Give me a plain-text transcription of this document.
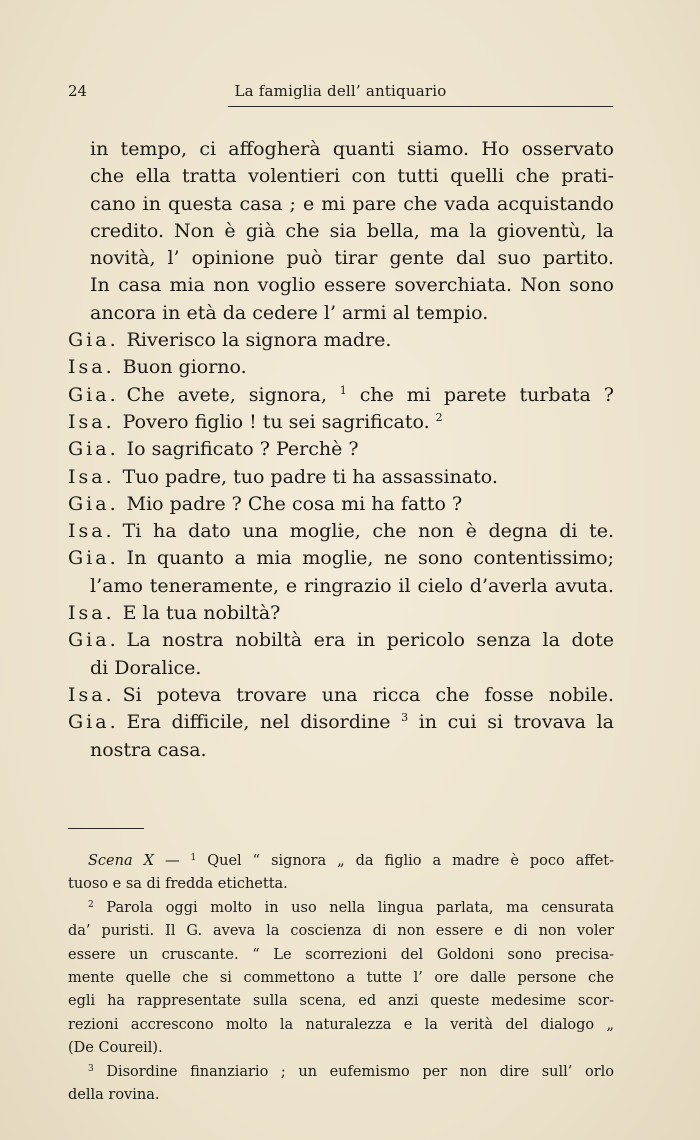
24	La famiglia dell’ antiquario
in tempo, ci affogherà quanti siamo. Ho osservato
che ella tratta volentieri con tutti quelli che prati-
cano in questa casa ; e mi pare che vada acquistando
credito. Non è già che sia bella, ma la gioventù, la
novità, l’ opinione può tirar gente dal suo partito.
In casa mia non voglio essere soverchiata. Non sono
ancora in età da cedere l’ armi al tempio.
Gia. Riverisco la signora madre.
Isa. Buon giorno.
Gia. Che avete, signora, $^1$ che mi parete turbata ?
Isa. Povero figlio ! tu sei sagrificato. $^2$
Gia. Io sagrificato ? Perchè ?
Isa. Tuo padre, tuo padre ti ha assassinato.
Gia. Mio padre ? Che cosa mi ha fatto ?
Isa. Ti ha dato una moglie, che non è degna di te.
Gia. In quanto a mia moglie, ne sono contentissimo;
l’amo teneramente, e ringrazio il cielo d’averla avuta.
Isa. E la tua nobiltà?
Gia. La nostra nobiltà era in pericolo senza la dote
di Doralice.
Isa. Si poteva trovare una ricca che fosse nobile.
Gia. Era difficile, nel disordine $^3$ in cui si trovava la
nostra casa.
Scena X — $^1$ Quel “ signora „ da figlio a madre è poco affet-
tuoso e sa di fredda etichetta.
$^2$ Parola oggi molto in uso nella lingua parlata, ma censurata
da’ puristi. Il G. aveva la coscienza di non essere e di non voler
essere un cruscante. “ Le scorrezioni del Goldoni sono precisa-
mente quelle che si commettono a tutte l’ ore dalle persone che
egli ha rappresentate sulla scena, ed anzi queste medesime scor-
rezioni accrescono molto la naturalezza e la verità del dialogo „
(De Coureil).
$^3$ Disordine finanziario ; un eufemismo per non dire sull’ orlo
della rovina.
